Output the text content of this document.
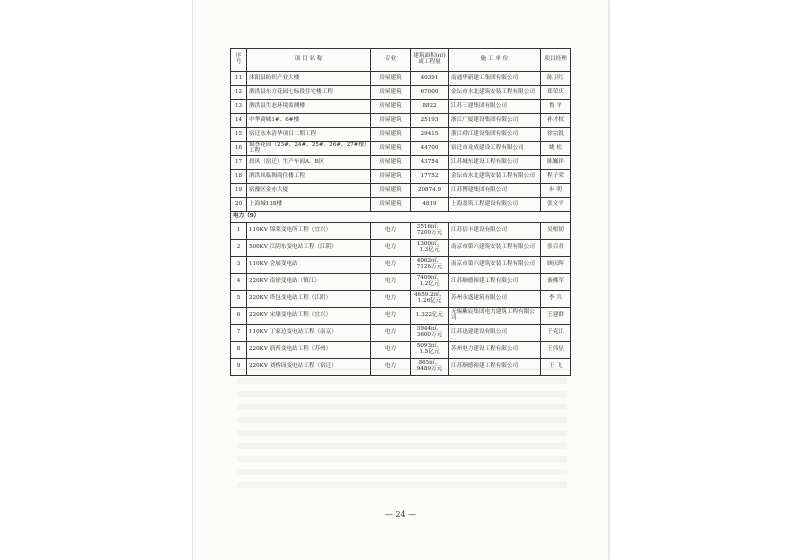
序号	项 目 名 称	专业	建筑面积(㎡)或工程量	施 工 单 位	项目经理
11	沭阳县纺织产业大楼	房屋建筑	40391	南通华新建工集团有限公司	陈卫红
12	泗洪县东方花园七标段住宅楼工程	房屋建筑	67000	金坛市水北建筑安装工程有限公司	郑荣庆
13	泗洪县生态环境监测楼	房屋建筑	8822	江苏三建集团有限公司	鲁 平
14	中华商城1#、6#楼	房屋建筑	25193	浙江广厦建设集团有限公司	孙才权
15	宿迁水木清华项目二期工程	房屋建筑	29415	浙江舜江建设集团有限公司	徐宗锐
16	锦荟花园（23#、24#、25#、26#、27#楼）工程	房屋建筑	44700	宿迁市龙成建设工程有限公司	姚 松
17	晨风（宿迁）生产车间A、B区	房屋建筑	43754	江苏城东建设工程有限公司	陈巍祥
18	泗洪凤临阁商住楼工程	房屋建筑	17752	金坛市水北建筑安装工程有限公司	程子荣
19	宿豫区金亦大厦	房屋建筑	20874.9	江苏博建集团有限公司	步 明
20	上海城118楼	房屋建筑	4819	上海盖筑工程建设有限公司	张文平
电力（9）					
1	110KV 锦莱变电所工程（宜兴）	电力	3516㎡、7200万元	江苏信丰建设有限公司	吴根韧
2	500KV 江阴东变电站工程（江阴）	电力	1300㎡、1.3亿元	南京市第六建筑安装工程有限公司	张百君
3	110KV 会展变电站	电力	4062㎡、7126万元	南京市第六建筑安装工程有限公司	顾庆晖
4	220KV 南徐变电站（镇江）	电力	7409㎡、1.2亿元	江苏顺德裕建工程有限公司	秦佛军
5	220KV 塔包变电站工程（江阴）	电力	4659.2㎡、1.26亿元	苏州永盛建筑有限公司	李 兵
6	220KV 宋埭变电站工程（宜兴）	电力	1.322亿元	无锡紫宸集团电力建筑工程有限公司	王建群
7	110KV 丁家边变电站工程（南京）	电力	3944㎡、3600万元	江苏迅建建设有限公司	于克江
8	220KV 润苔变电站工程（苏州）	电力	5093㎡、1.5亿元	苏州电力建设工程有限公司	王伟星
9	220KV 刘桥园变电站工程（宿迁）	电力	865㎡、9489万元	江苏顺德裕建工程有限公司	王 飞
— 24 —
